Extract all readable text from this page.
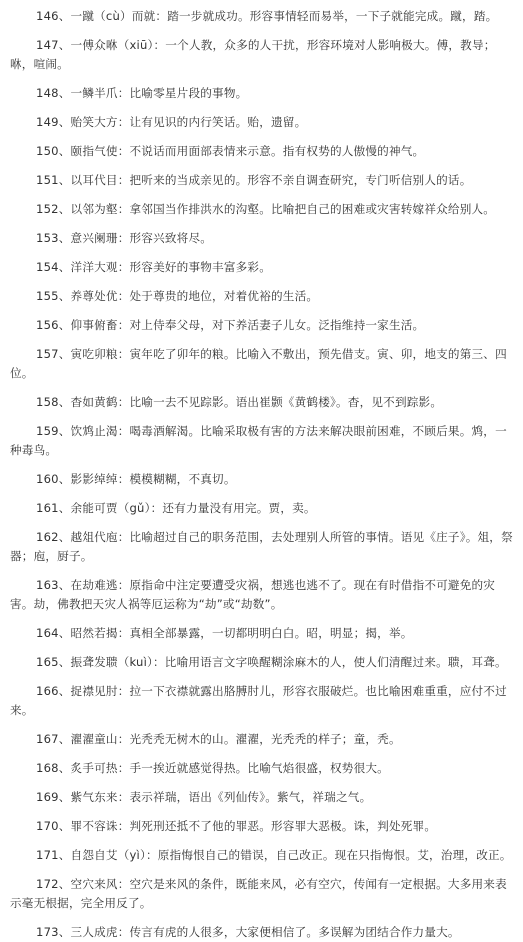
146、一蹴（cù）而就：踏一步就成功。形容事情轻而易举，一下子就能完成。蹴，踏。

147、一傅众咻（xiū）：一个人教，众多的人干扰，形容环境对人影响极大。傅，教导；咻，喧闹。

148、一鳞半爪：比喻零星片段的事物。

149、贻笑大方：让有见识的内行笑话。贻，遗留。

150、颐指气使：不说话而用面部表情来示意。指有权势的人傲慢的神气。

151、以耳代目：把听来的当成亲见的。形容不亲自调查研究，专门听信别人的话。

152、以邻为壑：拿邻国当作排洪水的沟壑。比喻把自己的困难或灾害转嫁祥众给别人。

153、意兴阑珊：形容兴致将尽。

154、洋洋大观：形容美好的事物丰富多彩。

155、养尊处优：处于尊贵的地位，对着优裕的生活。

156、仰事俯畜：对上侍奉父母，对下养活妻子儿女。泛指维持一家生活。

157、寅吃卯粮：寅年吃了卯年的粮。比喻入不敷出，预先借支。寅、卯，地支的第三、四位。

158、杳如黄鹤：比喻一去不见踪影。语出崔颢《黄鹤楼》。杳，见不到踪影。

159、饮鸩止渴：喝毒酒解渴。比喻采取极有害的方法来解决眼前困难，不顾后果。鸩，一种毒鸟。

160、影影绰绰：模模糊糊，不真切。

161、余能可贾（gǔ）：还有力量没有用完。贾，卖。

162、越俎代庖：比喻超过自己的职务范围，去处理别人所管的事情。语见《庄子》。俎，祭器；庖，厨子。

163、在劫难逃：原指命中注定要遭受灾祸，想逃也逃不了。现在有时借指不可避免的灾害。劫，佛教把天灾人祸等厄运称为“劫”或“劫数”。

164、昭然若揭：真相全部暴露，一切都明明白白。昭，明显；揭，举。

165、振聋发聩（kuì）：比喻用语言文字唤醒糊涂麻木的人，使人们清醒过来。聩，耳聋。

166、捉襟见肘：拉一下衣襟就露出胳膊肘儿，形容衣服破烂。也比喻困难重重，应付不过来。

167、濯濯童山：光秃秃无树木的山。濯濯，光秃秃的样子；童，秃。

168、炙手可热：手一挨近就感觉得热。比喻气焰很盛，权势很大。

169、紫气东来：表示祥瑞，语出《列仙传》。紫气，祥瑞之气。

170、罪不容诛：判死刑还抵不了他的罪恶。形容罪大恶极。诛，判处死罪。

171、自怨自艾（yì）：原指悔恨自己的错误，自己改正。现在只指悔恨。艾，治理，改正。

172、空穴来风：空穴是来风的条件，既能来风，必有空穴，传闻有一定根据。大多用来表示毫无根据，完全用反了。

173、三人成虎：传言有虎的人很多，大家便相信了。多误解为团结合作力量大。
